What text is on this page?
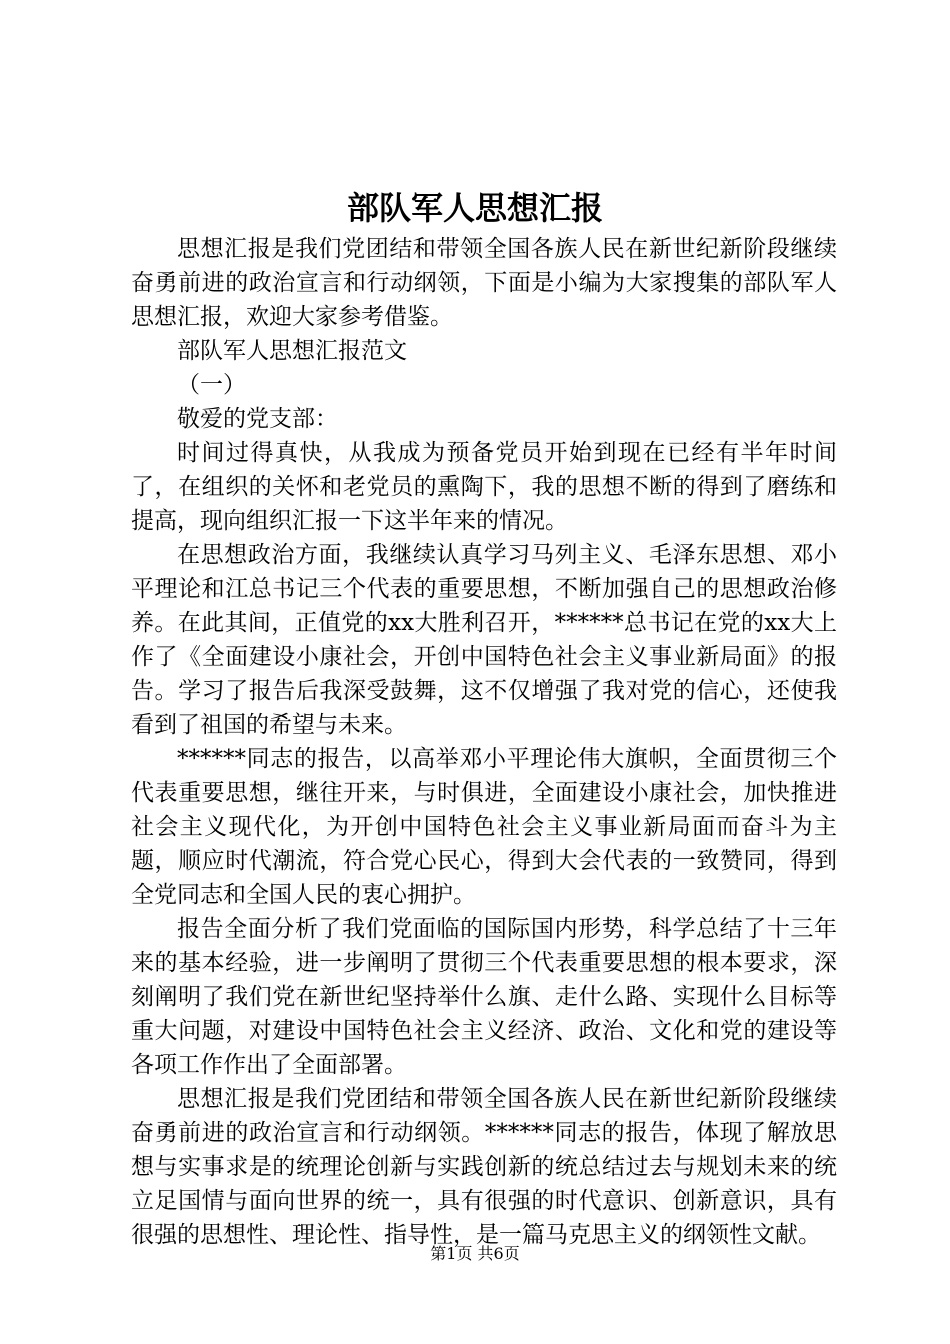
部队军人思想汇报

思想汇报是我们党团结和带领全国各族人民在新世纪新阶段继续奋勇前进的政治宣言和行动纲领，下面是小编为大家搜集的部队军人思想汇报，欢迎大家参考借鉴。

部队军人思想汇报范文

（一）

敬爱的党支部：

时间过得真快，从我成为预备党员开始到现在已经有半年时间了，在组织的关怀和老党员的熏陶下，我的思想不断的得到了磨练和提高，现向组织汇报一下这半年来的情况。

在思想政治方面，我继续认真学习马列主义、毛泽东思想、邓小平理论和江总书记三个代表的重要思想，不断加强自己的思想政治修养。在此其间，正值党的xx大胜利召开，******总书记在党的xx大上作了《全面建设小康社会，开创中国特色社会主义事业新局面》的报告。学习了报告后我深受鼓舞，这不仅增强了我对党的信心，还使我看到了祖国的希望与未来。

******同志的报告，以高举邓小平理论伟大旗帜，全面贯彻三个代表重要思想，继往开来，与时俱进，全面建设小康社会，加快推进社会主义现代化，为开创中国特色社会主义事业新局面而奋斗为主题，顺应时代潮流，符合党心民心，得到大会代表的一致赞同，得到全党同志和全国人民的衷心拥护。

报告全面分析了我们党面临的国际国内形势，科学总结了十三年来的基本经验，进一步阐明了贯彻三个代表重要思想的根本要求，深刻阐明了我们党在新世纪坚持举什么旗、走什么路、实现什么目标等重大问题，对建设中国特色社会主义经济、政治、文化和党的建设等各项工作作出了全面部署。

思想汇报是我们党团结和带领全国各族人民在新世纪新阶段继续奋勇前进的政治宣言和行动纲领。******同志的报告，体现了解放思想与实事求是的统理论创新与实践创新的统总结过去与规划未来的统立足国情与面向世界的统一，具有很强的时代意识、创新意识，具有很强的思想性、理论性、指导性，是一篇马克思主义的纲领性文献。

第1页 共6页
